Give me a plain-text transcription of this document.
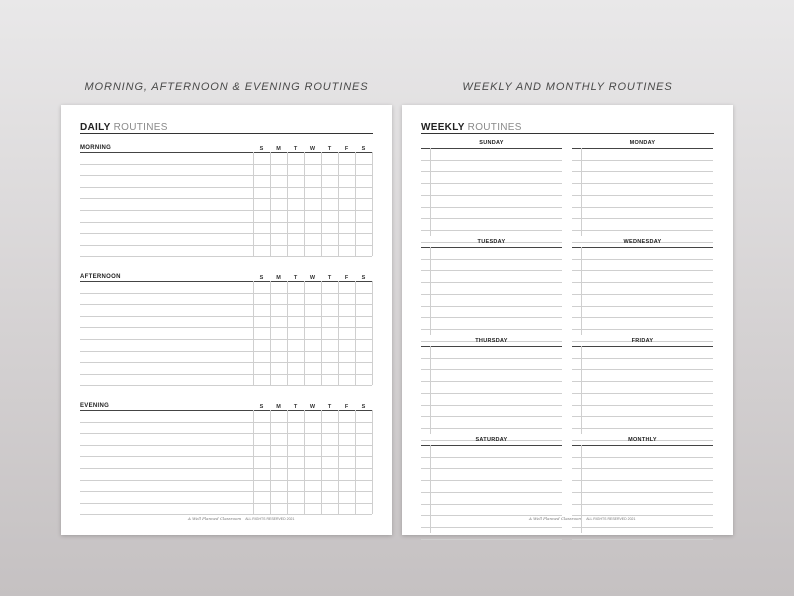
MORNING, AFTERNOON & EVENING ROUTINES	WEEKLY AND MONTHLY ROUTINES
DAILY ROUTINES
A Well Planned Classroom ALL RIGHTS RESERVED 2021
MORNING	S	M	T	W	T	F	S
AFTERNOON	S	M	T	W	T	F	S
EVENING	S	M	T	W	T	F	S
WEEKLY ROUTINES
A Well Planned Classroom ALL RIGHTS RESERVED 2021
SUNDAY	MONDAY
TUESDAY	WEDNESDAY
THURSDAY	FRIDAY
SATURDAY	MONTHLY
